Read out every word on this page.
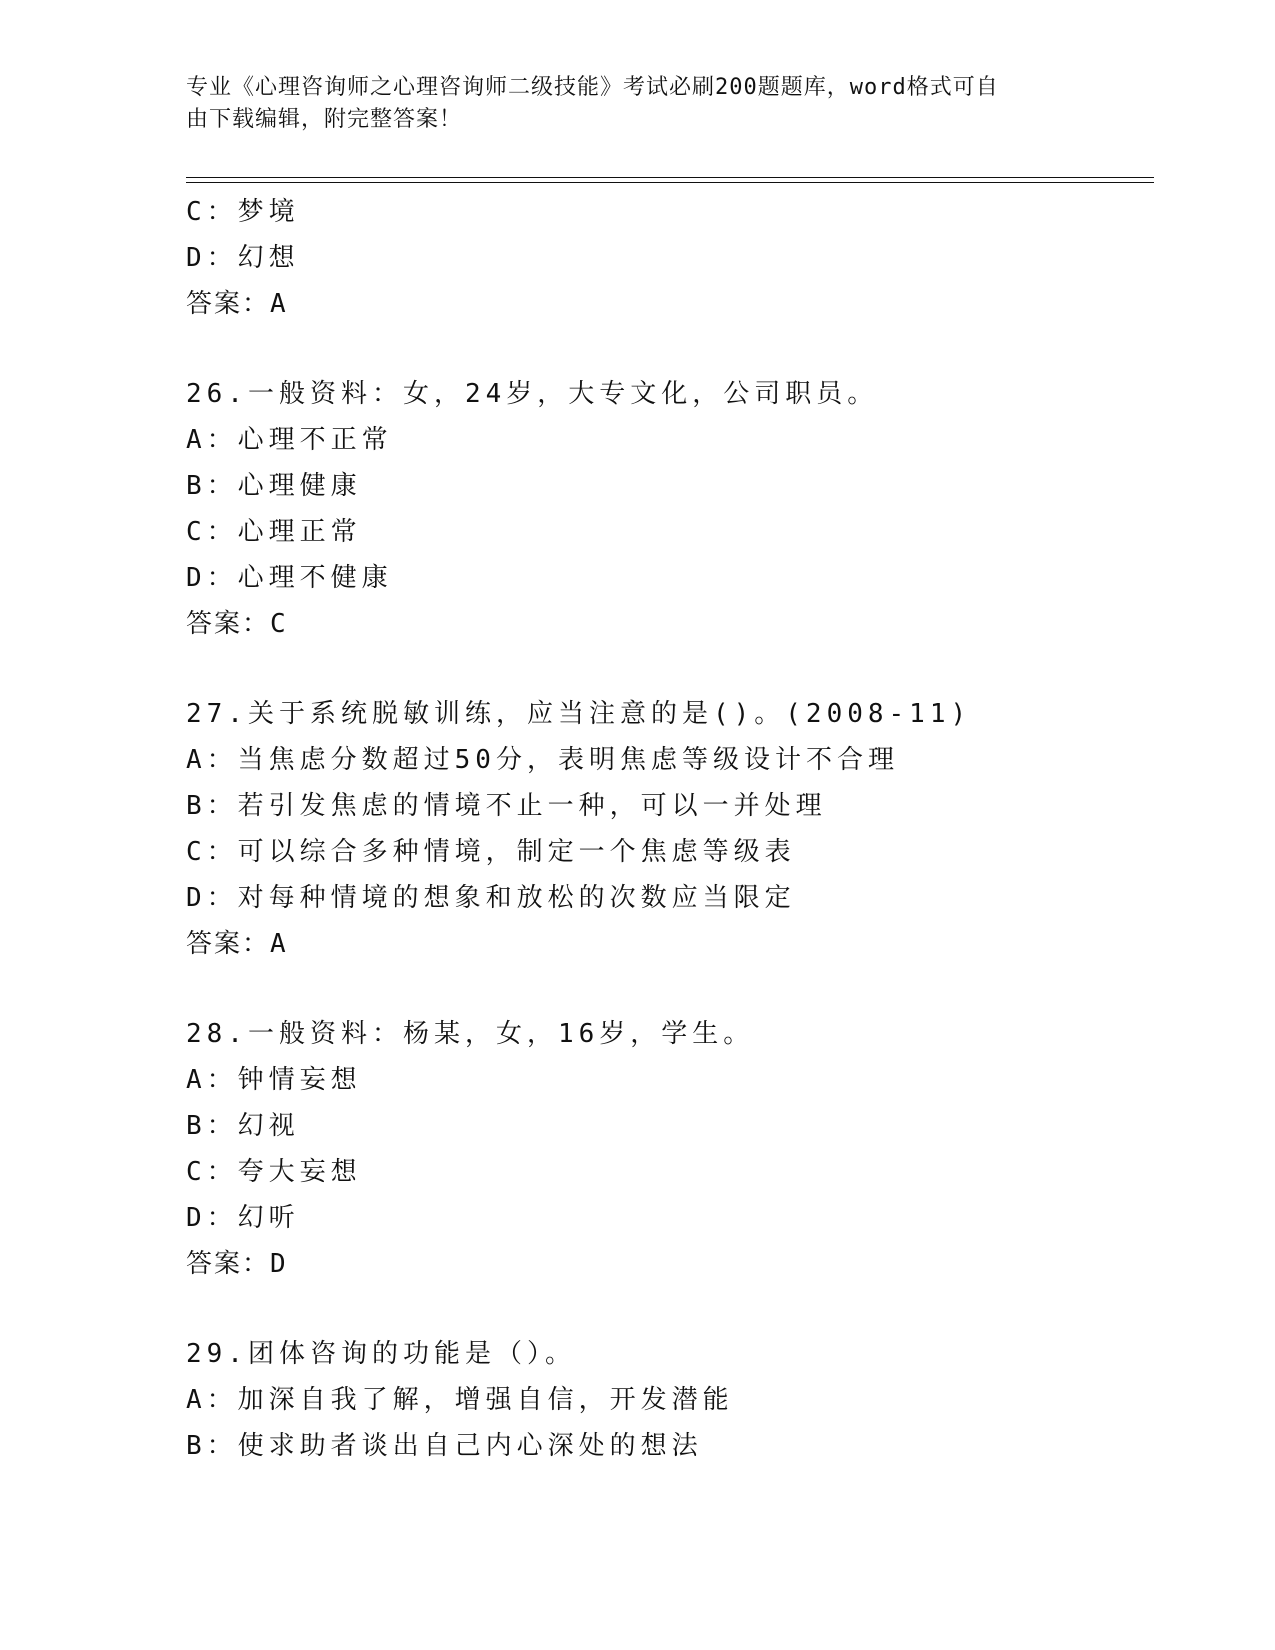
专业《心理咨询师之心理咨询师二级技能》考试必刷200题题库，word格式可自
由下载编辑，附完整答案！
C：梦境
D：幻想
答案：A
26.一般资料：女，24岁，大专文化，公司职员。
A：心理不正常
B：心理健康
C：心理正常
D：心理不健康
答案：C
27.关于系统脱敏训练，应当注意的是()。(2008-11)
A：当焦虑分数超过50分，表明焦虑等级设计不合理
B：若引发焦虑的情境不止一种，可以一并处理
C：可以综合多种情境，制定一个焦虑等级表
D：对每种情境的想象和放松的次数应当限定
答案：A
28.一般资料：杨某，女，16岁，学生。
A：钟情妄想
B：幻视
C：夸大妄想
D：幻听
答案：D
29.团体咨询的功能是（）。
A：加深自我了解，增强自信，开发潜能
B：使求助者谈出自己内心深处的想法
